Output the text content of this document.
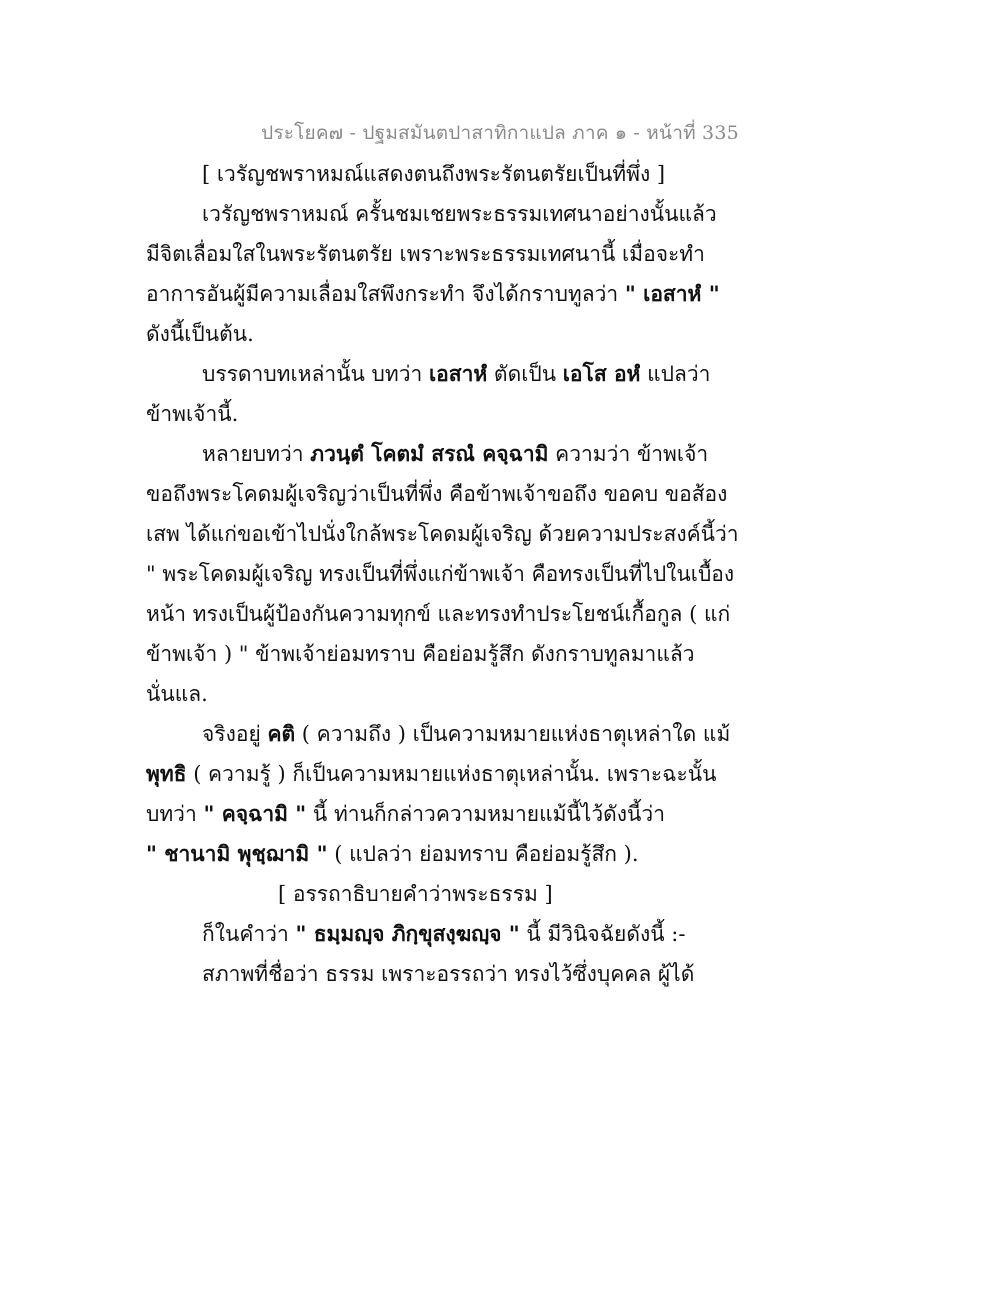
ประโยค๗ - ปฐมสมันตปาสาทิกาแปล ภาค ๑ - หน้าที่ 335
[ เวรัญชพราหมณ์แสดงตนถึงพระรัตนตรัยเป็นที่พึ่ง ]
เวรัญชพราหมณ์ ครั้นชมเชยพระธรรมเทศนาอย่างนั้นแล้ว
มีจิตเลื่อมใสในพระรัตนตรัย เพราะพระธรรมเทศนานี้ เมื่อจะทำ
อาการอันผู้มีความเลื่อมใสพึงกระทำ จึงได้กราบทูลว่า " เอสาหํ "
ดังนี้เป็นต้น.
บรรดาบทเหล่านั้น บทว่า เอสาหํ ตัดเป็น เอโส อหํ แปลว่า
ข้าพเจ้านี้.
หลายบทว่า ภวนฺตํ โคตมํ สรณํ คจฺฉามิ ความว่า ข้าพเจ้า
ขอถึงพระโคดมผู้เจริญว่าเป็นที่พึ่ง คือข้าพเจ้าขอถึง ขอคบ ขอส้อง
เสพ ได้แก่ขอเข้าไปนั่งใกล้พระโคดมผู้เจริญ ด้วยความประสงค์นี้ว่า
" พระโคดมผู้เจริญ ทรงเป็นที่พึ่งแก่ข้าพเจ้า คือทรงเป็นที่ไปในเบื้อง
หน้า ทรงเป็นผู้ป้องกันความทุกข์ และทรงทำประโยชน์เกื้อกูล ( แก่
ข้าพเจ้า ) " ข้าพเจ้าย่อมทราบ คือย่อมรู้สึก ดังกราบทูลมาแล้ว
นั่นแล.
จริงอยู่ คติ ( ความถึง ) เป็นความหมายแห่งธาตุเหล่าใด แม้
พุทธิ ( ความรู้ ) ก็เป็นความหมายแห่งธาตุเหล่านั้น. เพราะฉะนั้น
บทว่า " คจฺฉามิ " นี้ ท่านก็กล่าวความหมายแม้นี้ไว้ดังนี้ว่า
" ชานามิ พุชฺฌามิ " ( แปลว่า ย่อมทราบ คือย่อมรู้สึก ).
[ อรรถาธิบายคำว่าพระธรรม ]
ก็ในคำว่า " ธมฺมญฺจ ภิกฺขุสงฺฆญฺจ " นี้ มีวินิจฉัยดังนี้ :-
สภาพที่ชื่อว่า ธรรม เพราะอรรถว่า ทรงไว้ซึ่งบุคคล ผู้ได้
